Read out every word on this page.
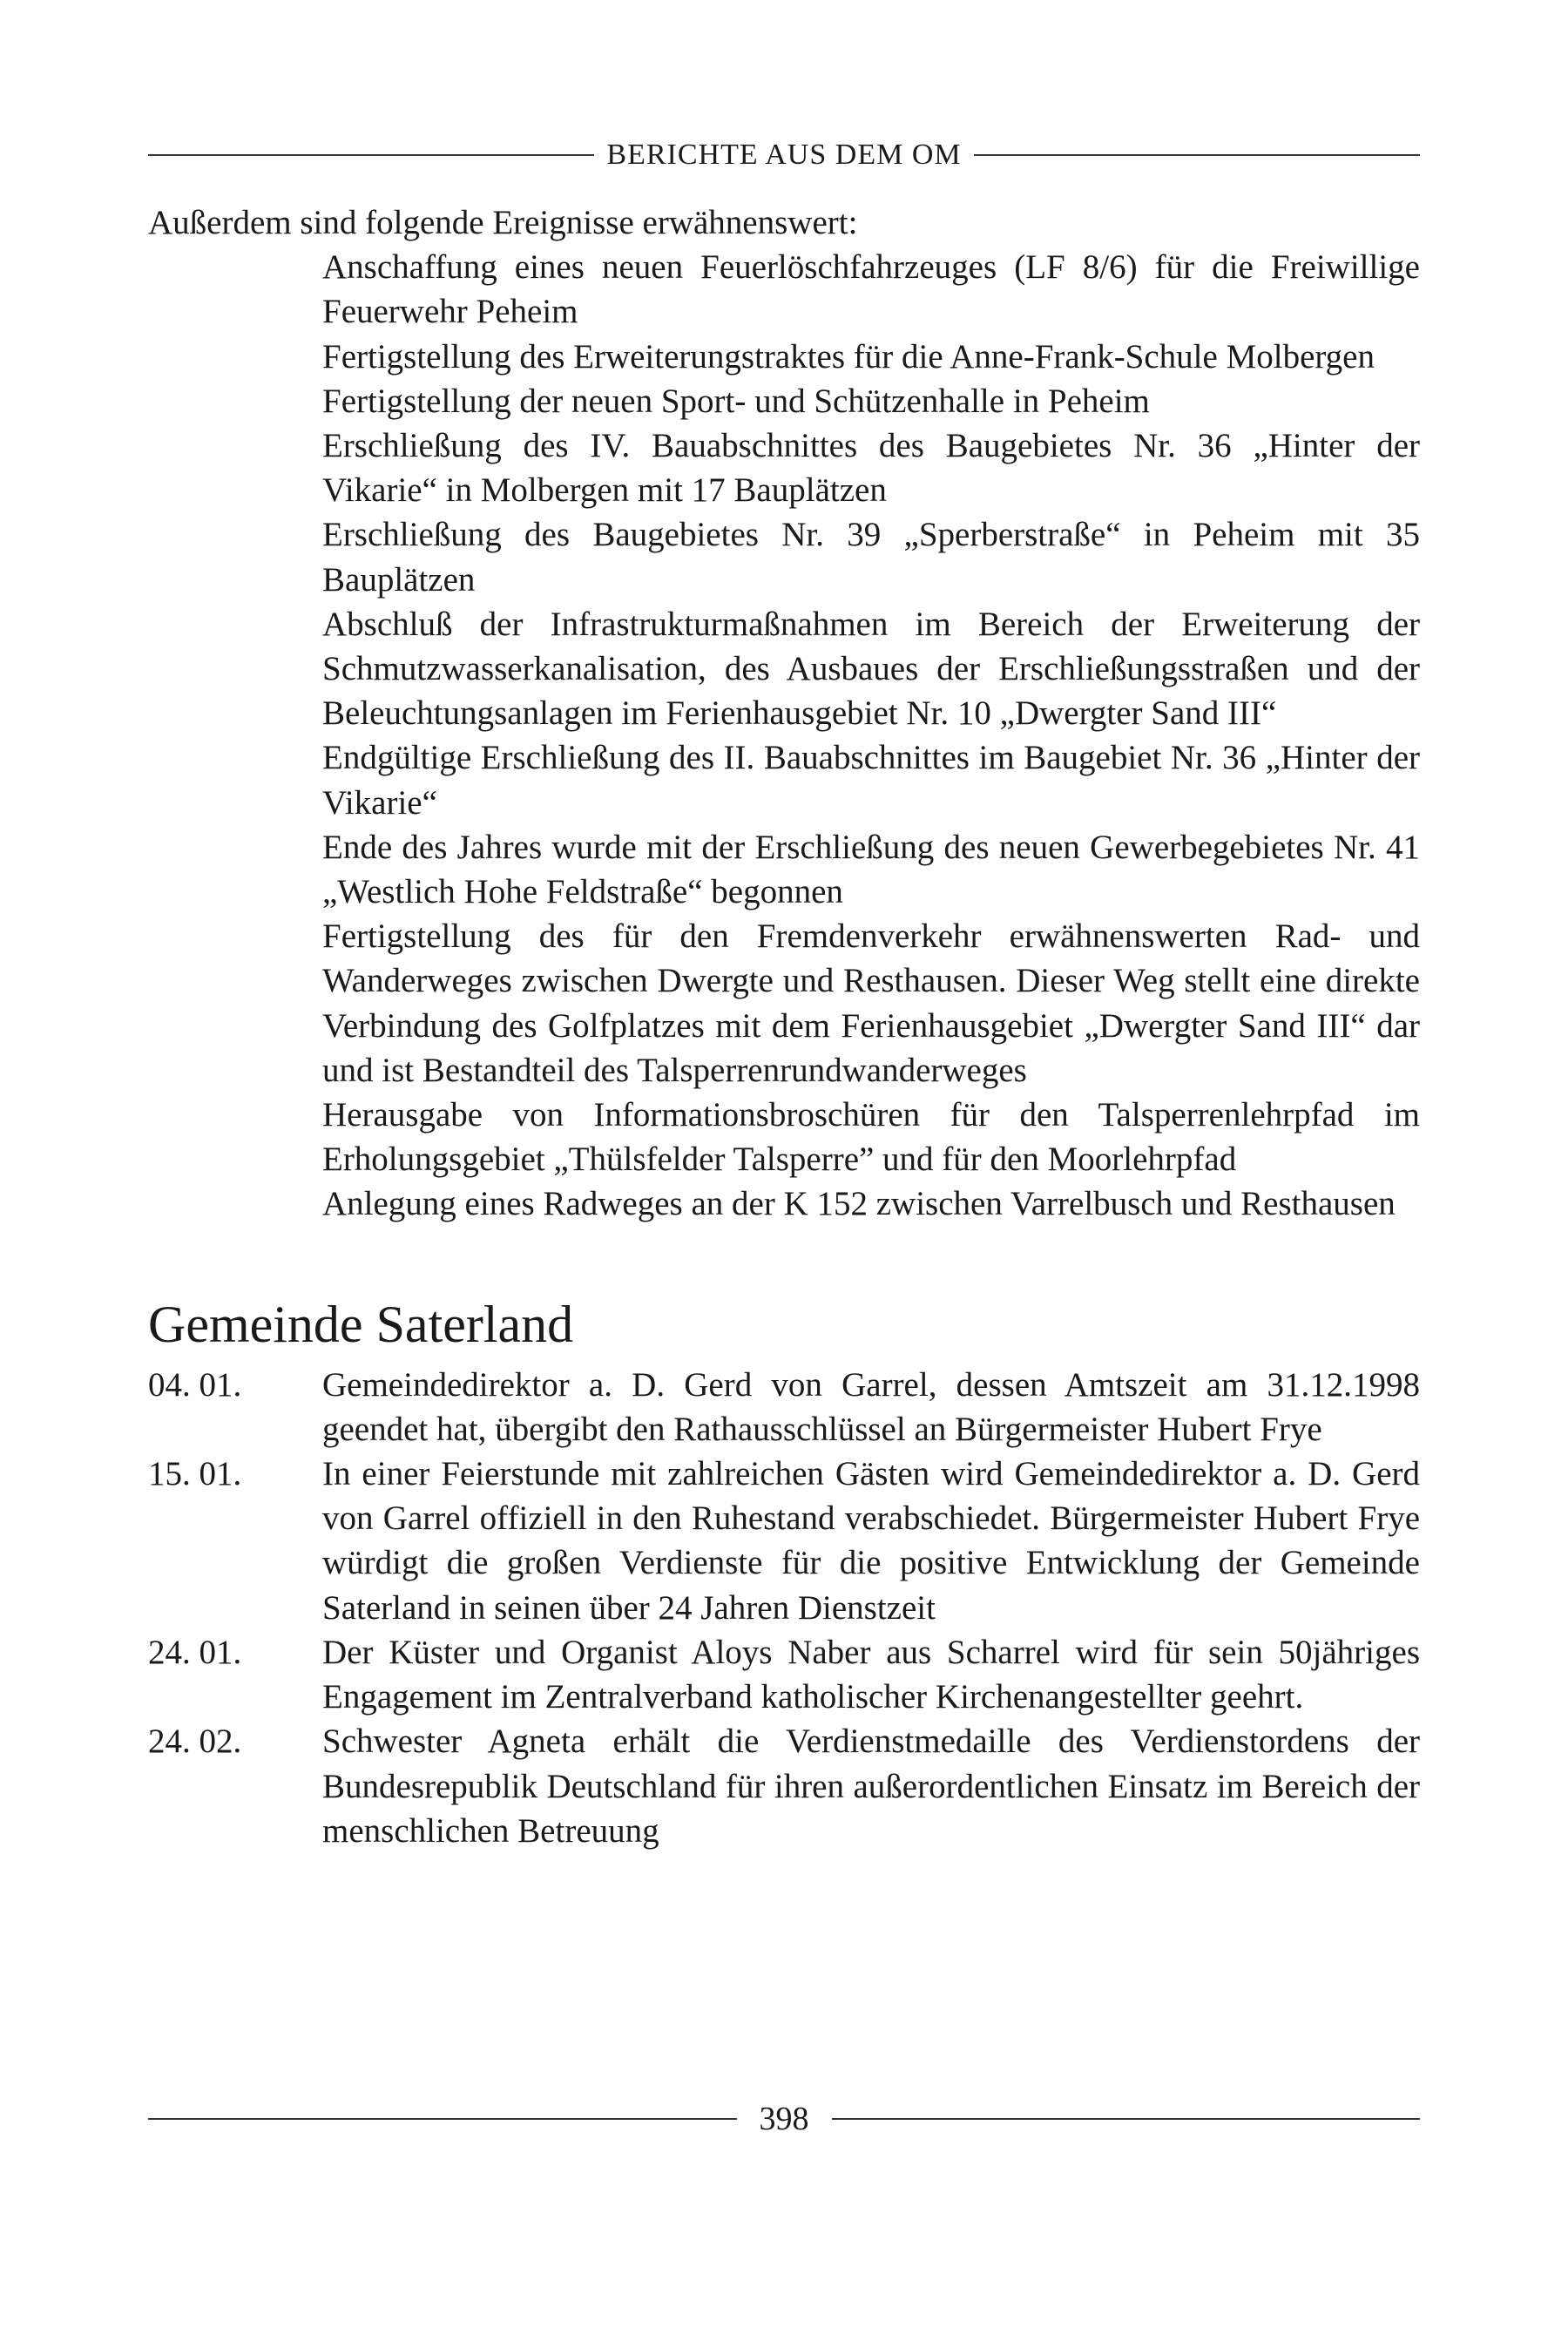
BERICHTE AUS DEM OM

Außerdem sind folgende Ereignisse erwähnenswert:

Anschaffung eines neuen Feuerlöschfahrzeuges (LF 8/6) für die Freiwillige Feuerwehr Peheim
Fertigstellung des Erweiterungstraktes für die Anne-Frank-Schule Molbergen
Fertigstellung der neuen Sport- und Schützenhalle in Peheim
Erschließung des IV. Bauabschnittes des Baugebietes Nr. 36 „Hinter der Vikarie“ in Molbergen mit 17 Bauplätzen
Erschließung des Baugebietes Nr. 39 „Sperberstraße“ in Peheim mit 35 Bauplätzen
Abschluß der Infrastrukturmaßnahmen im Bereich der Erweiterung der Schmutzwasserkanalisation, des Ausbaues der Erschließungsstraßen und der Beleuchtungsanlagen im Ferienhausgebiet Nr. 10 „Dwergter Sand III“
Endgültige Erschließung des II. Bauabschnittes im Baugebiet Nr. 36 „Hinter der Vikarie“
Ende des Jahres wurde mit der Erschließung des neuen Gewerbegebietes Nr. 41 „Westlich Hohe Feldstraße“ begonnen
Fertigstellung des für den Fremdenverkehr erwähnenswerten Rad- und Wanderweges zwischen Dwergte und Resthausen. Dieser Weg stellt eine direkte Verbindung des Golfplatzes mit dem Ferienhausgebiet „Dwergter Sand III“ dar und ist Bestandteil des Talsperrenrundwanderweges
Herausgabe von Informationsbroschüren für den Talsperrenlehrpfad im Erholungsgebiet „Thülsfelder Talsperre” und für den Moorlehrpfad
Anlegung eines Radweges an der K 152 zwischen Varrelbusch und Resthausen
Gemeinde Saterland
04. 01.	Gemeindedirektor a. D. Gerd von Garrel, dessen Amtszeit am 31.12.1998 geendet hat, übergibt den Rathausschlüssel an Bürgermeister Hubert Frye
15. 01.	In einer Feierstunde mit zahlreichen Gästen wird Gemeindedirektor a. D. Gerd von Garrel offiziell in den Ruhestand verabschiedet. Bürgermeister Hubert Frye würdigt die großen Verdienste für die positive Entwicklung der Gemeinde Saterland in seinen über 24 Jahren Dienstzeit
24. 01.	Der Küster und Organist Aloys Naber aus Scharrel wird für sein 50jähriges Engagement im Zentralverband katholischer Kirchenangestellter geehrt.
24. 02.	Schwester Agneta erhält die Verdienstmedaille des Verdienstordens der Bundesrepublik Deutschland für ihren außerordentlichen Einsatz im Bereich der menschlichen Betreuung
398
